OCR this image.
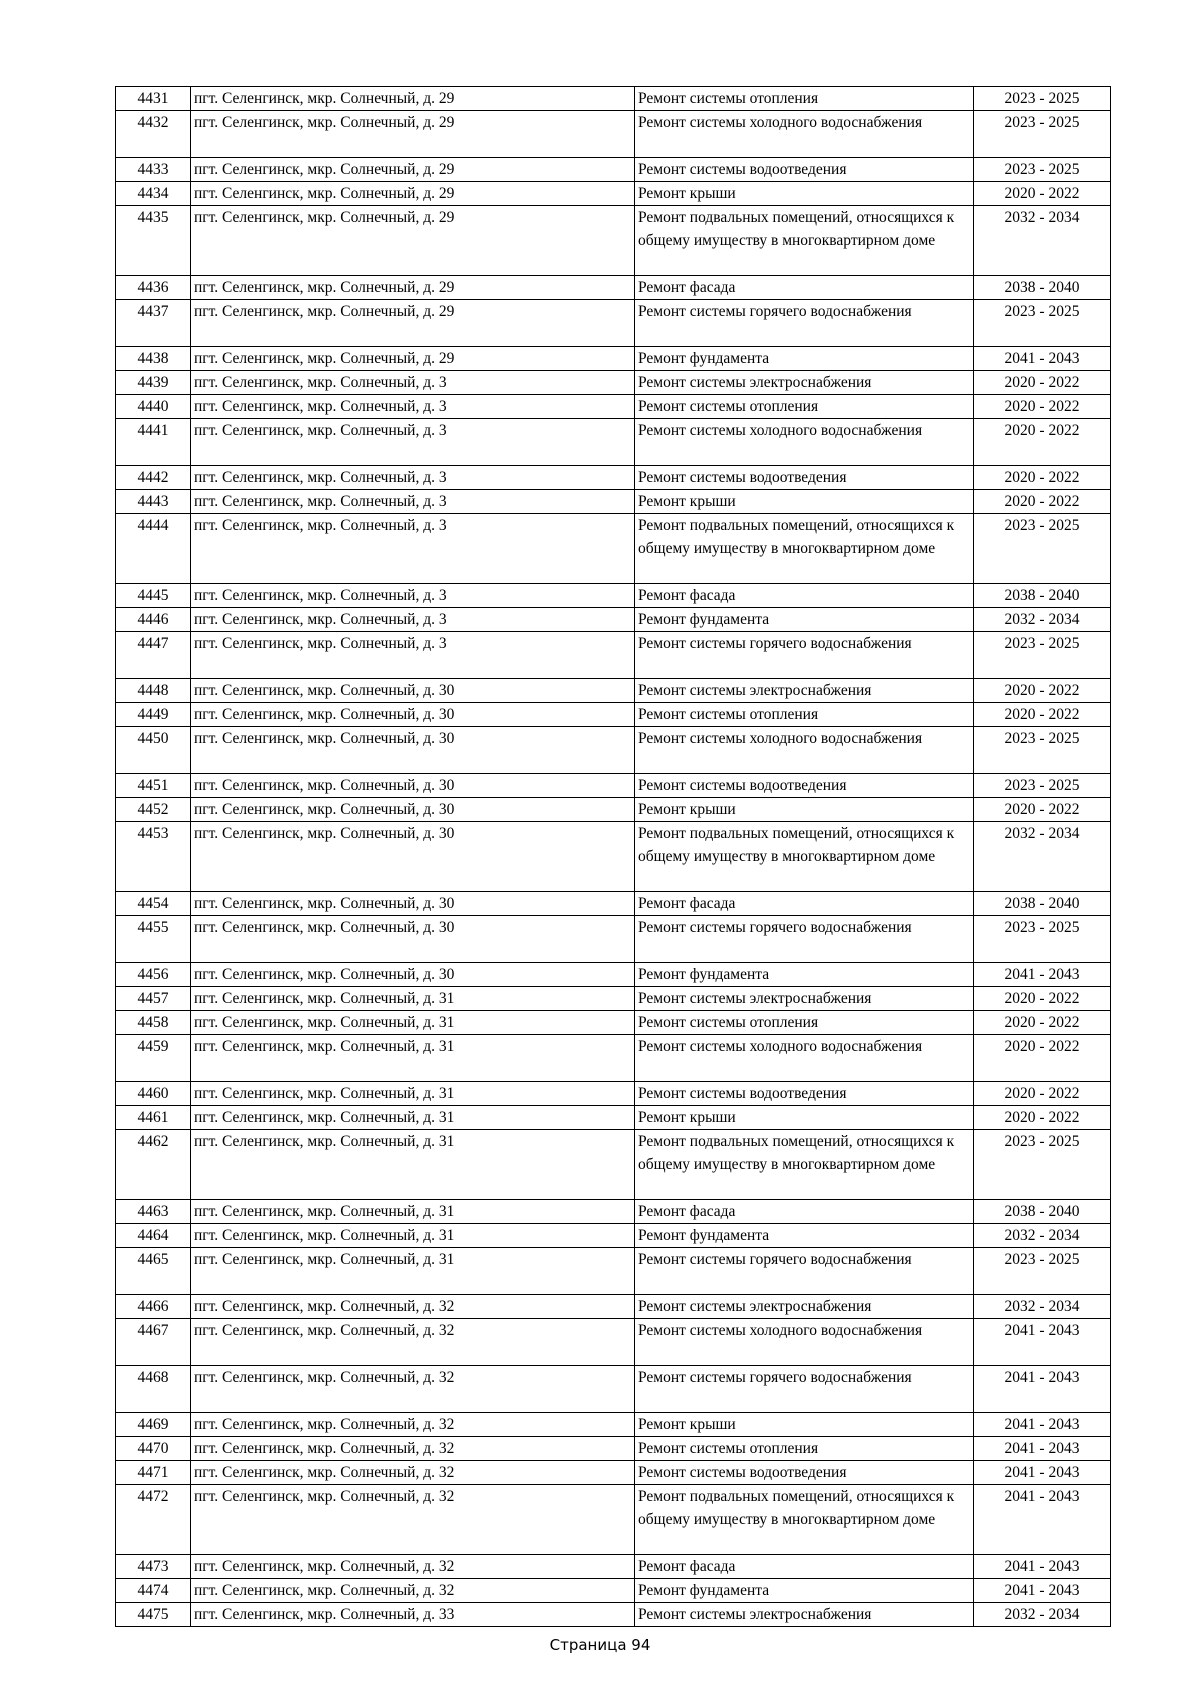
4431	пгт. Селенгинск, мкр. Солнечный, д. 29	Ремонт системы отопления	2023 - 2025
4432	пгт. Селенгинск, мкр. Солнечный, д. 29	Ремонт системы холодного водоснабжения	2023 - 2025
4433	пгт. Селенгинск, мкр. Солнечный, д. 29	Ремонт системы водоотведения	2023 - 2025
4434	пгт. Селенгинск, мкр. Солнечный, д. 29	Ремонт крыши	2020 - 2022
4435	пгт. Селенгинск, мкр. Солнечный, д. 29	Ремонт подвальных помещений, относящихся к общему имуществу в многоквартирном доме	2032 - 2034
4436	пгт. Селенгинск, мкр. Солнечный, д. 29	Ремонт фасада	2038 - 2040
4437	пгт. Селенгинск, мкр. Солнечный, д. 29	Ремонт системы горячего водоснабжения	2023 - 2025
4438	пгт. Селенгинск, мкр. Солнечный, д. 29	Ремонт фундамента	2041 - 2043
4439	пгт. Селенгинск, мкр. Солнечный, д. 3	Ремонт системы электроснабжения	2020 - 2022
4440	пгт. Селенгинск, мкр. Солнечный, д. 3	Ремонт системы отопления	2020 - 2022
4441	пгт. Селенгинск, мкр. Солнечный, д. 3	Ремонт системы холодного водоснабжения	2020 - 2022
4442	пгт. Селенгинск, мкр. Солнечный, д. 3	Ремонт системы водоотведения	2020 - 2022
4443	пгт. Селенгинск, мкр. Солнечный, д. 3	Ремонт крыши	2020 - 2022
4444	пгт. Селенгинск, мкр. Солнечный, д. 3	Ремонт подвальных помещений, относящихся к общему имуществу в многоквартирном доме	2023 - 2025
4445	пгт. Селенгинск, мкр. Солнечный, д. 3	Ремонт фасада	2038 - 2040
4446	пгт. Селенгинск, мкр. Солнечный, д. 3	Ремонт фундамента	2032 - 2034
4447	пгт. Селенгинск, мкр. Солнечный, д. 3	Ремонт системы горячего водоснабжения	2023 - 2025
4448	пгт. Селенгинск, мкр. Солнечный, д. 30	Ремонт системы электроснабжения	2020 - 2022
4449	пгт. Селенгинск, мкр. Солнечный, д. 30	Ремонт системы отопления	2020 - 2022
4450	пгт. Селенгинск, мкр. Солнечный, д. 30	Ремонт системы холодного водоснабжения	2023 - 2025
4451	пгт. Селенгинск, мкр. Солнечный, д. 30	Ремонт системы водоотведения	2023 - 2025
4452	пгт. Селенгинск, мкр. Солнечный, д. 30	Ремонт крыши	2020 - 2022
4453	пгт. Селенгинск, мкр. Солнечный, д. 30	Ремонт подвальных помещений, относящихся к общему имуществу в многоквартирном доме	2032 - 2034
4454	пгт. Селенгинск, мкр. Солнечный, д. 30	Ремонт фасада	2038 - 2040
4455	пгт. Селенгинск, мкр. Солнечный, д. 30	Ремонт системы горячего водоснабжения	2023 - 2025
4456	пгт. Селенгинск, мкр. Солнечный, д. 30	Ремонт фундамента	2041 - 2043
4457	пгт. Селенгинск, мкр. Солнечный, д. 31	Ремонт системы электроснабжения	2020 - 2022
4458	пгт. Селенгинск, мкр. Солнечный, д. 31	Ремонт системы отопления	2020 - 2022
4459	пгт. Селенгинск, мкр. Солнечный, д. 31	Ремонт системы холодного водоснабжения	2020 - 2022
4460	пгт. Селенгинск, мкр. Солнечный, д. 31	Ремонт системы водоотведения	2020 - 2022
4461	пгт. Селенгинск, мкр. Солнечный, д. 31	Ремонт крыши	2020 - 2022
4462	пгт. Селенгинск, мкр. Солнечный, д. 31	Ремонт подвальных помещений, относящихся к общему имуществу в многоквартирном доме	2023 - 2025
4463	пгт. Селенгинск, мкр. Солнечный, д. 31	Ремонт фасада	2038 - 2040
4464	пгт. Селенгинск, мкр. Солнечный, д. 31	Ремонт фундамента	2032 - 2034
4465	пгт. Селенгинск, мкр. Солнечный, д. 31	Ремонт системы горячего водоснабжения	2023 - 2025
4466	пгт. Селенгинск, мкр. Солнечный, д. 32	Ремонт системы электроснабжения	2032 - 2034
4467	пгт. Селенгинск, мкр. Солнечный, д. 32	Ремонт системы холодного водоснабжения	2041 - 2043
4468	пгт. Селенгинск, мкр. Солнечный, д. 32	Ремонт системы горячего водоснабжения	2041 - 2043
4469	пгт. Селенгинск, мкр. Солнечный, д. 32	Ремонт крыши	2041 - 2043
4470	пгт. Селенгинск, мкр. Солнечный, д. 32	Ремонт системы отопления	2041 - 2043
4471	пгт. Селенгинск, мкр. Солнечный, д. 32	Ремонт системы водоотведения	2041 - 2043
4472	пгт. Селенгинск, мкр. Солнечный, д. 32	Ремонт подвальных помещений, относящихся к общему имуществу в многоквартирном доме	2041 - 2043
4473	пгт. Селенгинск, мкр. Солнечный, д. 32	Ремонт фасада	2041 - 2043
4474	пгт. Селенгинск, мкр. Солнечный, д. 32	Ремонт фундамента	2041 - 2043
4475	пгт. Селенгинск, мкр. Солнечный, д. 33	Ремонт системы электроснабжения	2032 - 2034
Страница 94
